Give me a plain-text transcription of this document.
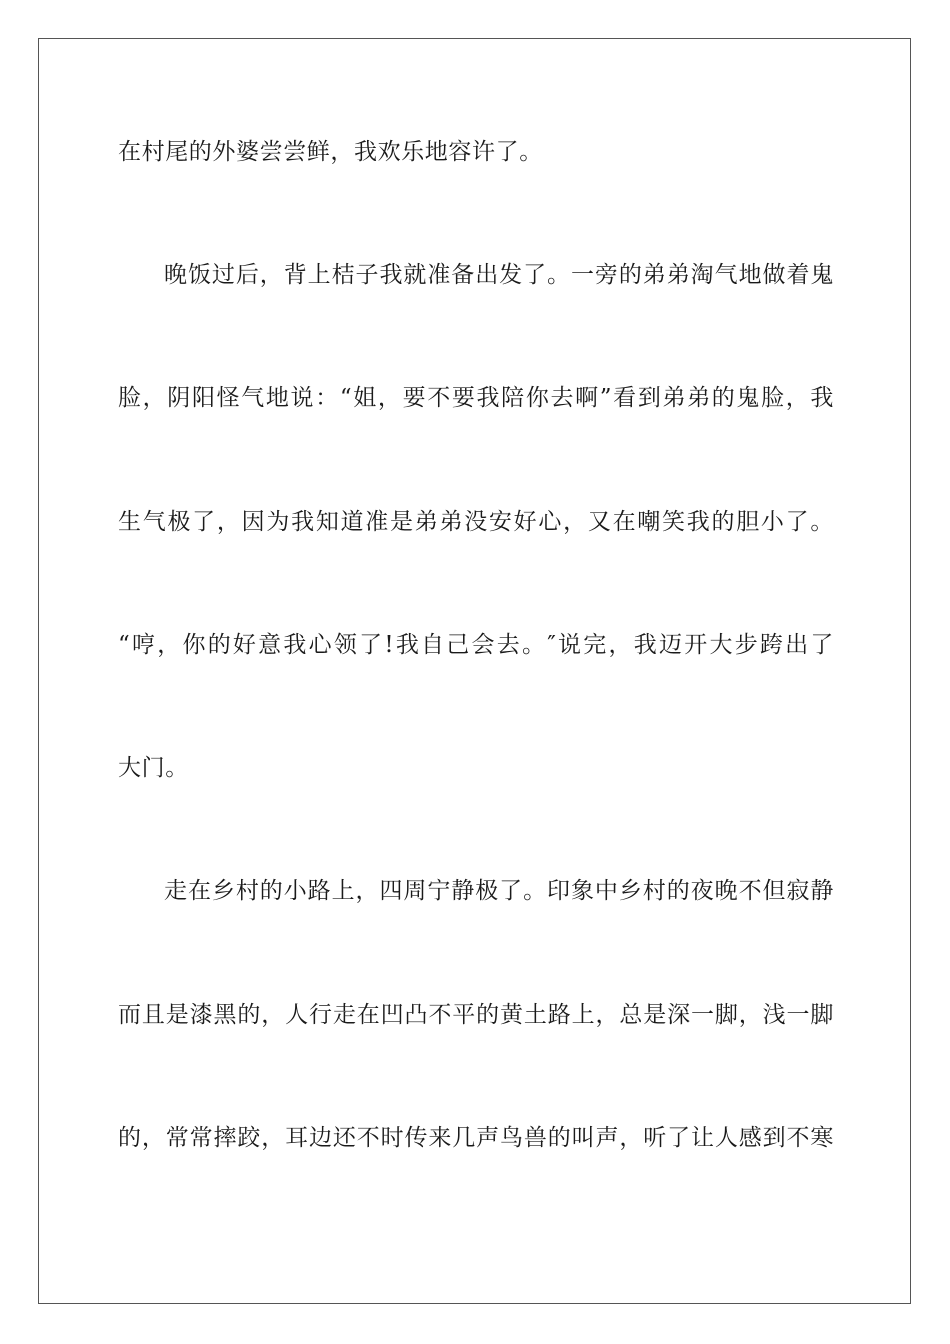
在村尾的外婆尝尝鲜，我欢乐地容许了。
晚饭过后，背上桔子我就准备出发了。一旁的弟弟淘气地做着鬼
脸，阴阳怪气地说：“姐，要不要我陪你去啊”看到弟弟的鬼脸，我
生气极了，因为我知道准是弟弟没安好心，又在嘲笑我的胆小了。
“哼，你的好意我心领了!我自己会去。″说完，我迈开大步跨出了
大门。
走在乡村的小路上，四周宁静极了。印象中乡村的夜晚不但寂静
而且是漆黑的，人行走在凹凸不平的黄土路上，总是深一脚，浅一脚
的，常常摔跤，耳边还不时传来几声鸟兽的叫声，听了让人感到不寒
